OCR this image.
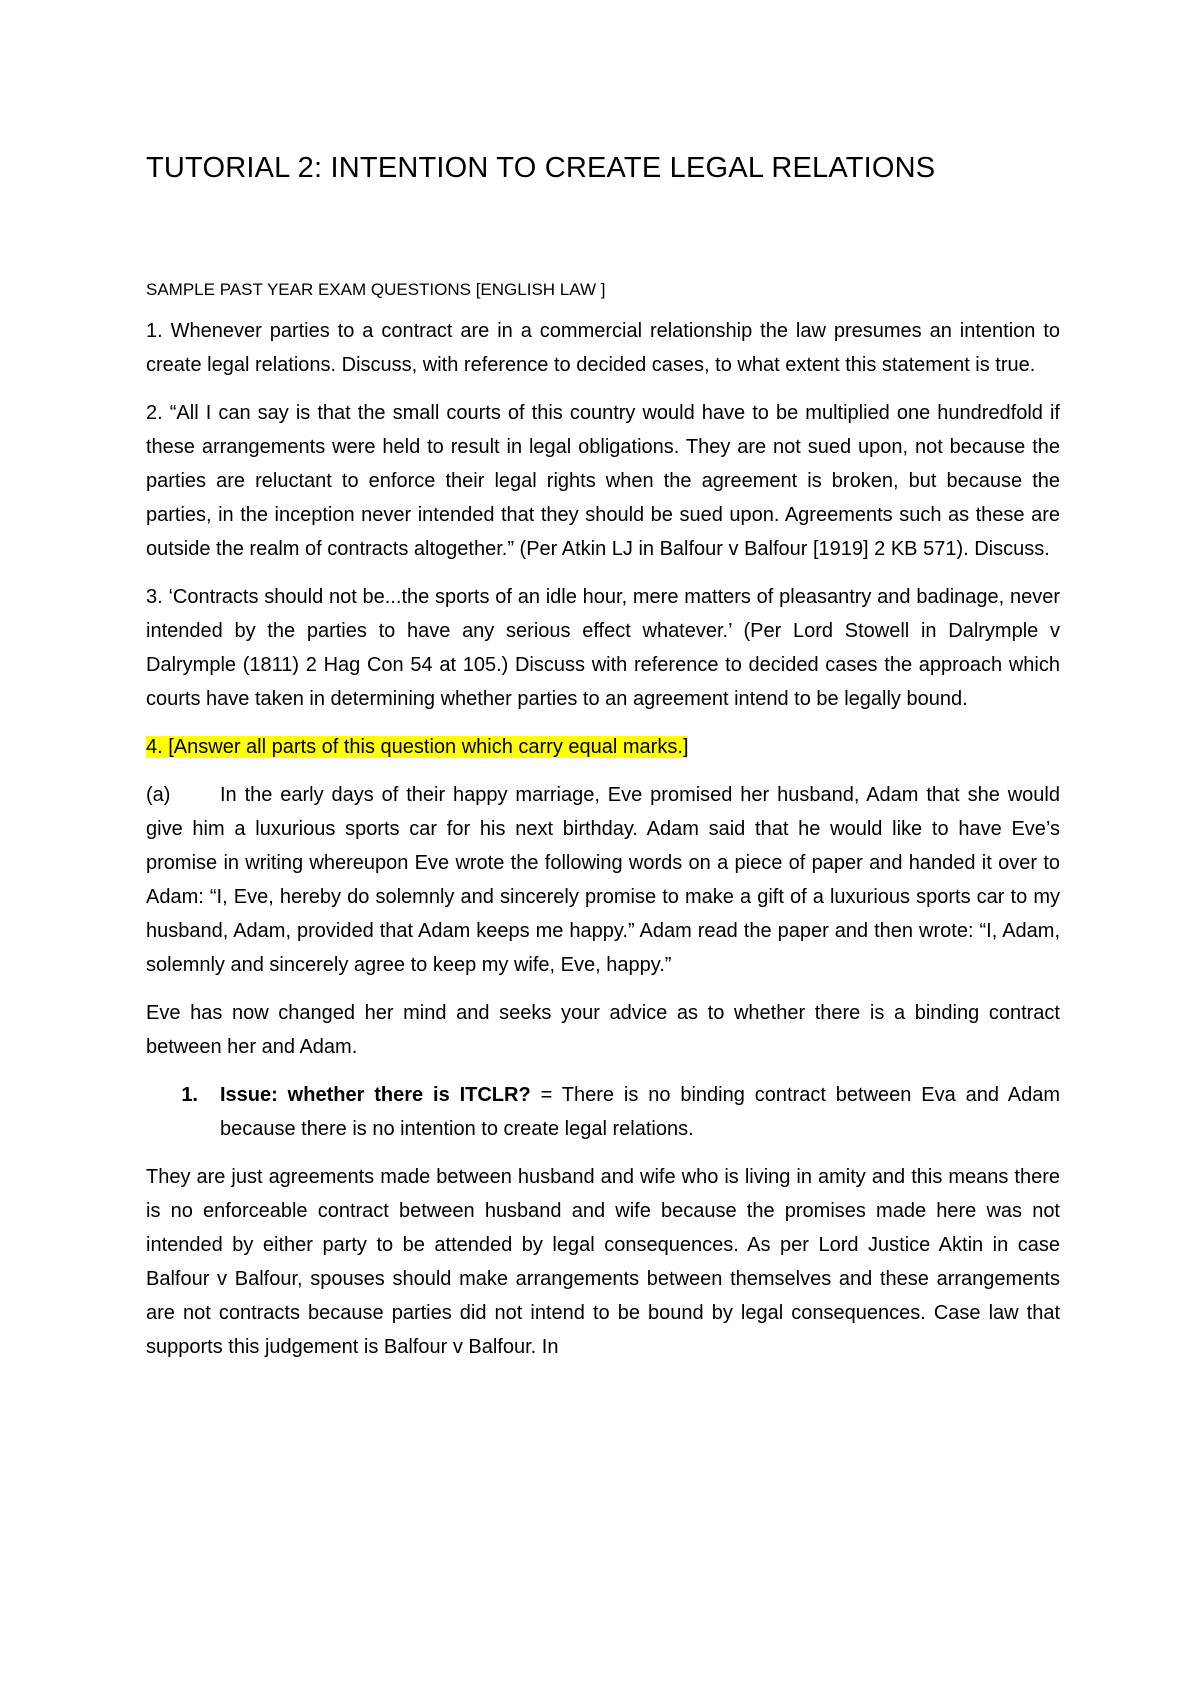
TUTORIAL 2: INTENTION TO CREATE LEGAL RELATIONS
SAMPLE PAST YEAR EXAM QUESTIONS [ENGLISH LAW ]

1. Whenever parties to a contract are in a commercial relationship the law presumes an intention to create legal relations. Discuss, with reference to decided cases, to what extent this statement is true.

2. “All I can say is that the small courts of this country would have to be multiplied one hundredfold if these arrangements were held to result in legal obligations. They are not sued upon, not because the parties are reluctant to enforce their legal rights when the agreement is broken, but because the parties, in the inception never intended that they should be sued upon. Agreements such as these are outside the realm of contracts altogether.” (Per Atkin LJ in Balfour v Balfour [1919] 2 KB 571). Discuss.

3. ‘Contracts should not be...the sports of an idle hour, mere matters of pleasantry and badinage, never intended by the parties to have any serious effect whatever.’ (Per Lord Stowell in Dalrymple v Dalrymple (1811) 2 Hag Con 54 at 105.) Discuss with reference to decided cases the approach which courts have taken in determining whether parties to an agreement intend to be legally bound.

4. [Answer all parts of this question which carry equal marks.]

(a) In the early days of their happy marriage, Eve promised her husband, Adam that she would give him a luxurious sports car for his next birthday. Adam said that he would like to have Eve’s promise in writing whereupon Eve wrote the following words on a piece of paper and handed it over to Adam: “I, Eve, hereby do solemnly and sincerely promise to make a gift of a luxurious sports car to my husband, Adam, provided that Adam keeps me happy.” Adam read the paper and then wrote: “I, Adam, solemnly and sincerely agree to keep my wife, Eve, happy.”

Eve has now changed her mind and seeks your advice as to whether there is a binding contract between her and Adam.

1.	Issue: whether there is ITCLR? = There is no binding contract between Eva and Adam because there is no intention to create legal relations.

They are just agreements made between husband and wife who is living in amity and this means there is no enforceable contract between husband and wife because the promises made here was not intended by either party to be attended by legal consequences. As per Lord Justice Aktin in case Balfour v Balfour, spouses should make arrangements between themselves and these arrangements are not contracts because parties did not intend to be bound by legal consequences. Case law that supports this judgement is Balfour v Balfour. In
